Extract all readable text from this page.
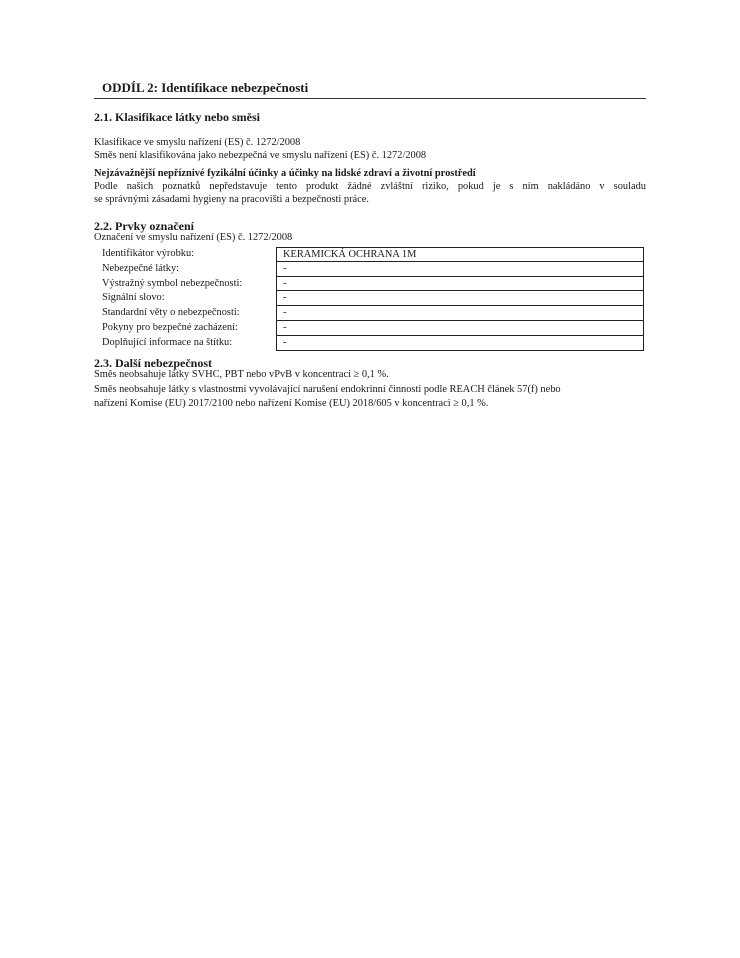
ODDÍL 2: Identifikace nebezpečnosti
2.1. Klasifikace látky nebo směsi
Klasifikace ve smyslu nařízení (ES) č. 1272/2008
Směs není klasifikována jako nebezpečná ve smyslu nařízení (ES) č. 1272/2008
Nejzávažnější nepříznivé fyzikální účinky a účinky na lidské zdraví a životní prostředí
Podle našich poznatků nepředstavuje tento produkt žádné zvláštní riziko, pokud je s ním nakládáno v souladu
se správnými zásadami hygieny na pracovišti a bezpečnosti práce.
2.2. Prvky označení
Označení ve smyslu nařízení (ES) č. 1272/2008
Identifikátor výrobku:	KERAMICKÁ OCHRANA 1M
Nebezpečné látky:	-
Výstražný symbol nebezpečnosti:	-
Signální slovo:	-
Standardní věty o nebezpečnosti:	-
Pokyny pro bezpečné zacházení:	-
Doplňující informace na štítku:	-
2.3. Další nebezpečnost
Směs neobsahuje látky SVHC, PBT nebo vPvB v koncentraci ≥ 0,1 %.
Směs neobsahuje látky s vlastnostmi vyvolávající narušení endokrinní činnosti podle REACH článek 57(f) nebo
nařízení Komise (EU) 2017/2100 nebo nařízení Komise (EU) 2018/605 v koncentraci ≥ 0,1 %.
